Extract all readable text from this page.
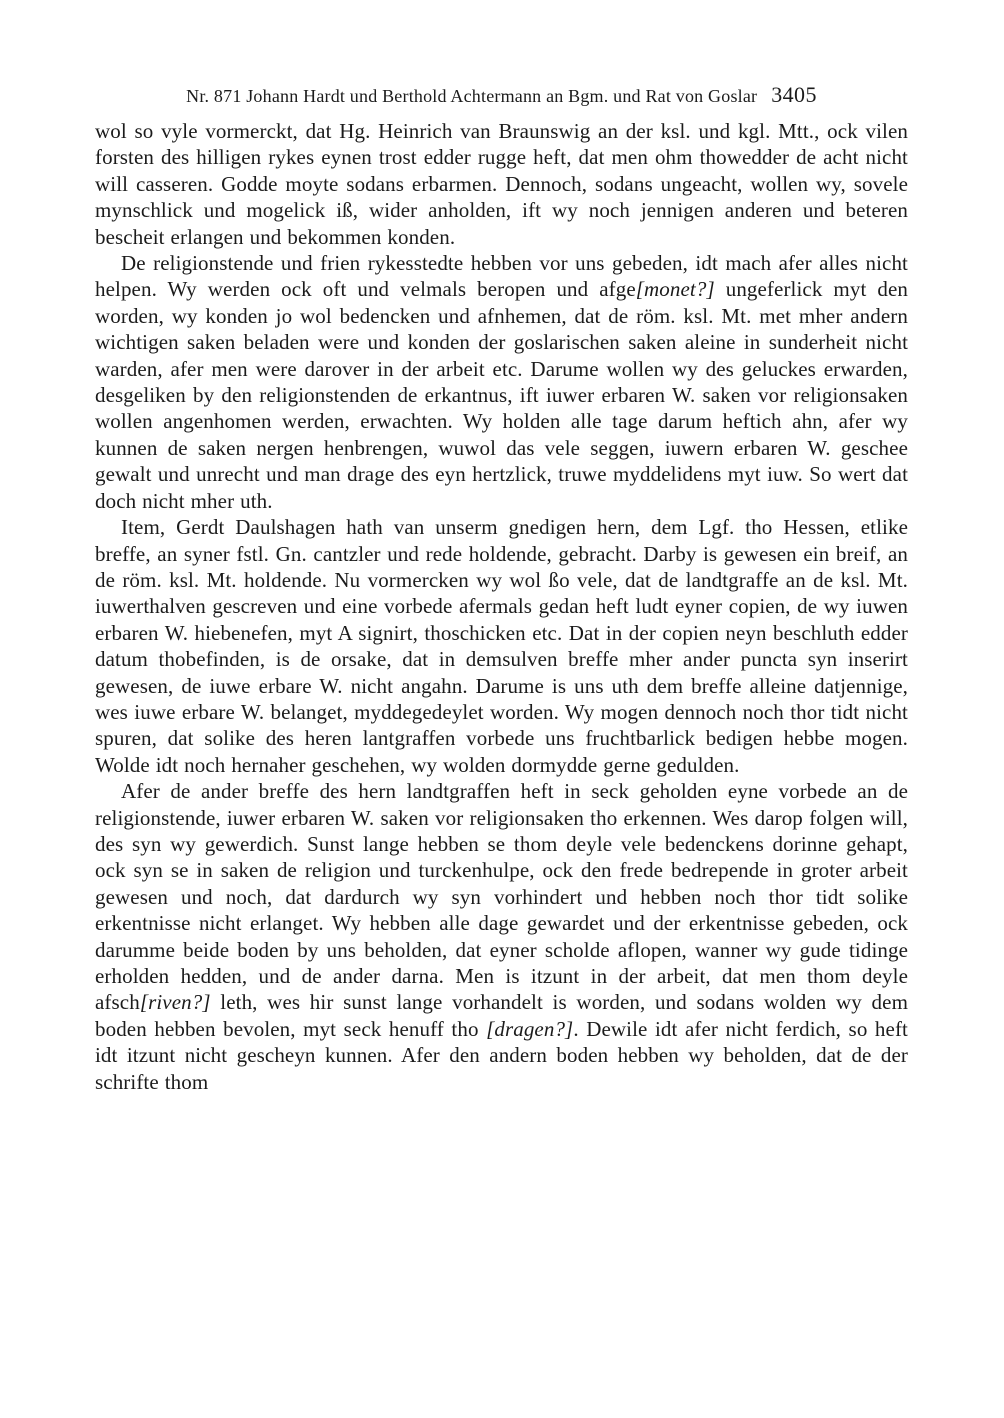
Nr. 871 Johann Hardt und Berthold Achtermann an Bgm. und Rat von Goslar 3405

wol so vyle vormerckt, dat Hg. Heinrich van Braunswig an der ksl. und kgl. Mtt., ock vilen forsten des hilligen rykes eynen trost edder rugge heft, dat men ohm thowedder de acht nicht will casseren. Godde moyte sodans erbarmen. Dennoch, sodans ungeacht, wollen wy, sovele mynschlick und mogelick iß, wider anholden, ift wy noch jennigen anderen und beteren bescheit erlangen und bekommen konden.

De religionstende und frien rykesstedte hebben vor uns gebeden, idt mach afer alles nicht helpen. Wy werden ock oft und velmals beropen und afge[monet?] ungeferlick myt den worden, wy konden jo wol bedencken und afnhemen, dat de röm. ksl. Mt. met mher andern wichtigen saken beladen were und konden der goslarischen saken aleine in sunderheit nicht warden, afer men were darover in der arbeit etc. Darume wollen wy des geluckes erwarden, desgeliken by den religionstenden de erkantnus, ift iuwer erbaren W. saken vor religionsaken wollen angenhomen werden, erwachten. Wy holden alle tage darum heftich ahn, afer wy kunnen de saken nergen henbrengen, wuwol das vele seggen, iuwern erbaren W. geschee gewalt und unrecht und man drage des eyn hertzlick, truwe myddelidens myt iuw. So wert dat doch nicht mher uth.

Item, Gerdt Daulshagen hath van unserm gnedigen hern, dem Lgf. tho Hessen, etlike breffe, an syner fstl. Gn. cantzler und rede holdende, gebracht. Darby is gewesen ein breif, an de röm. ksl. Mt. holdende. Nu vormercken wy wol ßo vele, dat de landtgraffe an de ksl. Mt. iuwerthalven gescreven und eine vorbede afermals gedan heft ludt eyner copien, de wy iuwen erbaren W. hiebenefen, myt A signirt, thoschicken etc. Dat in der copien neyn beschluth edder datum thobefinden, is de orsake, dat in demsulven breffe mher ander puncta syn inserirt gewesen, de iuwe erbare W. nicht angahn. Darume is uns uth dem breffe alleine datjennige, wes iuwe erbare W. belanget, myddegedeylet worden. Wy mogen dennoch noch thor tidt nicht spuren, dat solike des heren lantgraffen vorbede uns fruchtbarlick bedigen hebbe mogen. Wolde idt noch hernaher geschehen, wy wolden dormydde gerne gedulden.

Afer de ander breffe des hern landtgraffen heft in seck geholden eyne vorbede an de religionstende, iuwer erbaren W. saken vor religionsaken tho erkennen. Wes darop folgen will, des syn wy gewerdich. Sunst lange hebben se thom deyle vele bedenckens dorinne gehapt, ock syn se in saken de religion und turckenhulpe, ock den frede bedrepende in groter arbeit gewesen und noch, dat dardurch wy syn vorhindert und hebben noch thor tidt solike erkentnisse nicht erlanget. Wy hebben alle dage gewardet und der erkentnisse gebeden, ock darumme beide boden by uns beholden, dat eyner scholde aflopen, wanner wy gude tidinge erholden hedden, und de ander darna. Men is itzunt in der arbeit, dat men thom deyle afsch[riven?] leth, wes hir sunst lange vorhandelt is worden, und sodans wolden wy dem boden hebben bevolen, myt seck henuff tho [dragen?]. Dewile idt afer nicht ferdich, so heft idt itzunt nicht gescheyn kunnen. Afer den andern boden hebben wy beholden, dat de der schrifte thom
